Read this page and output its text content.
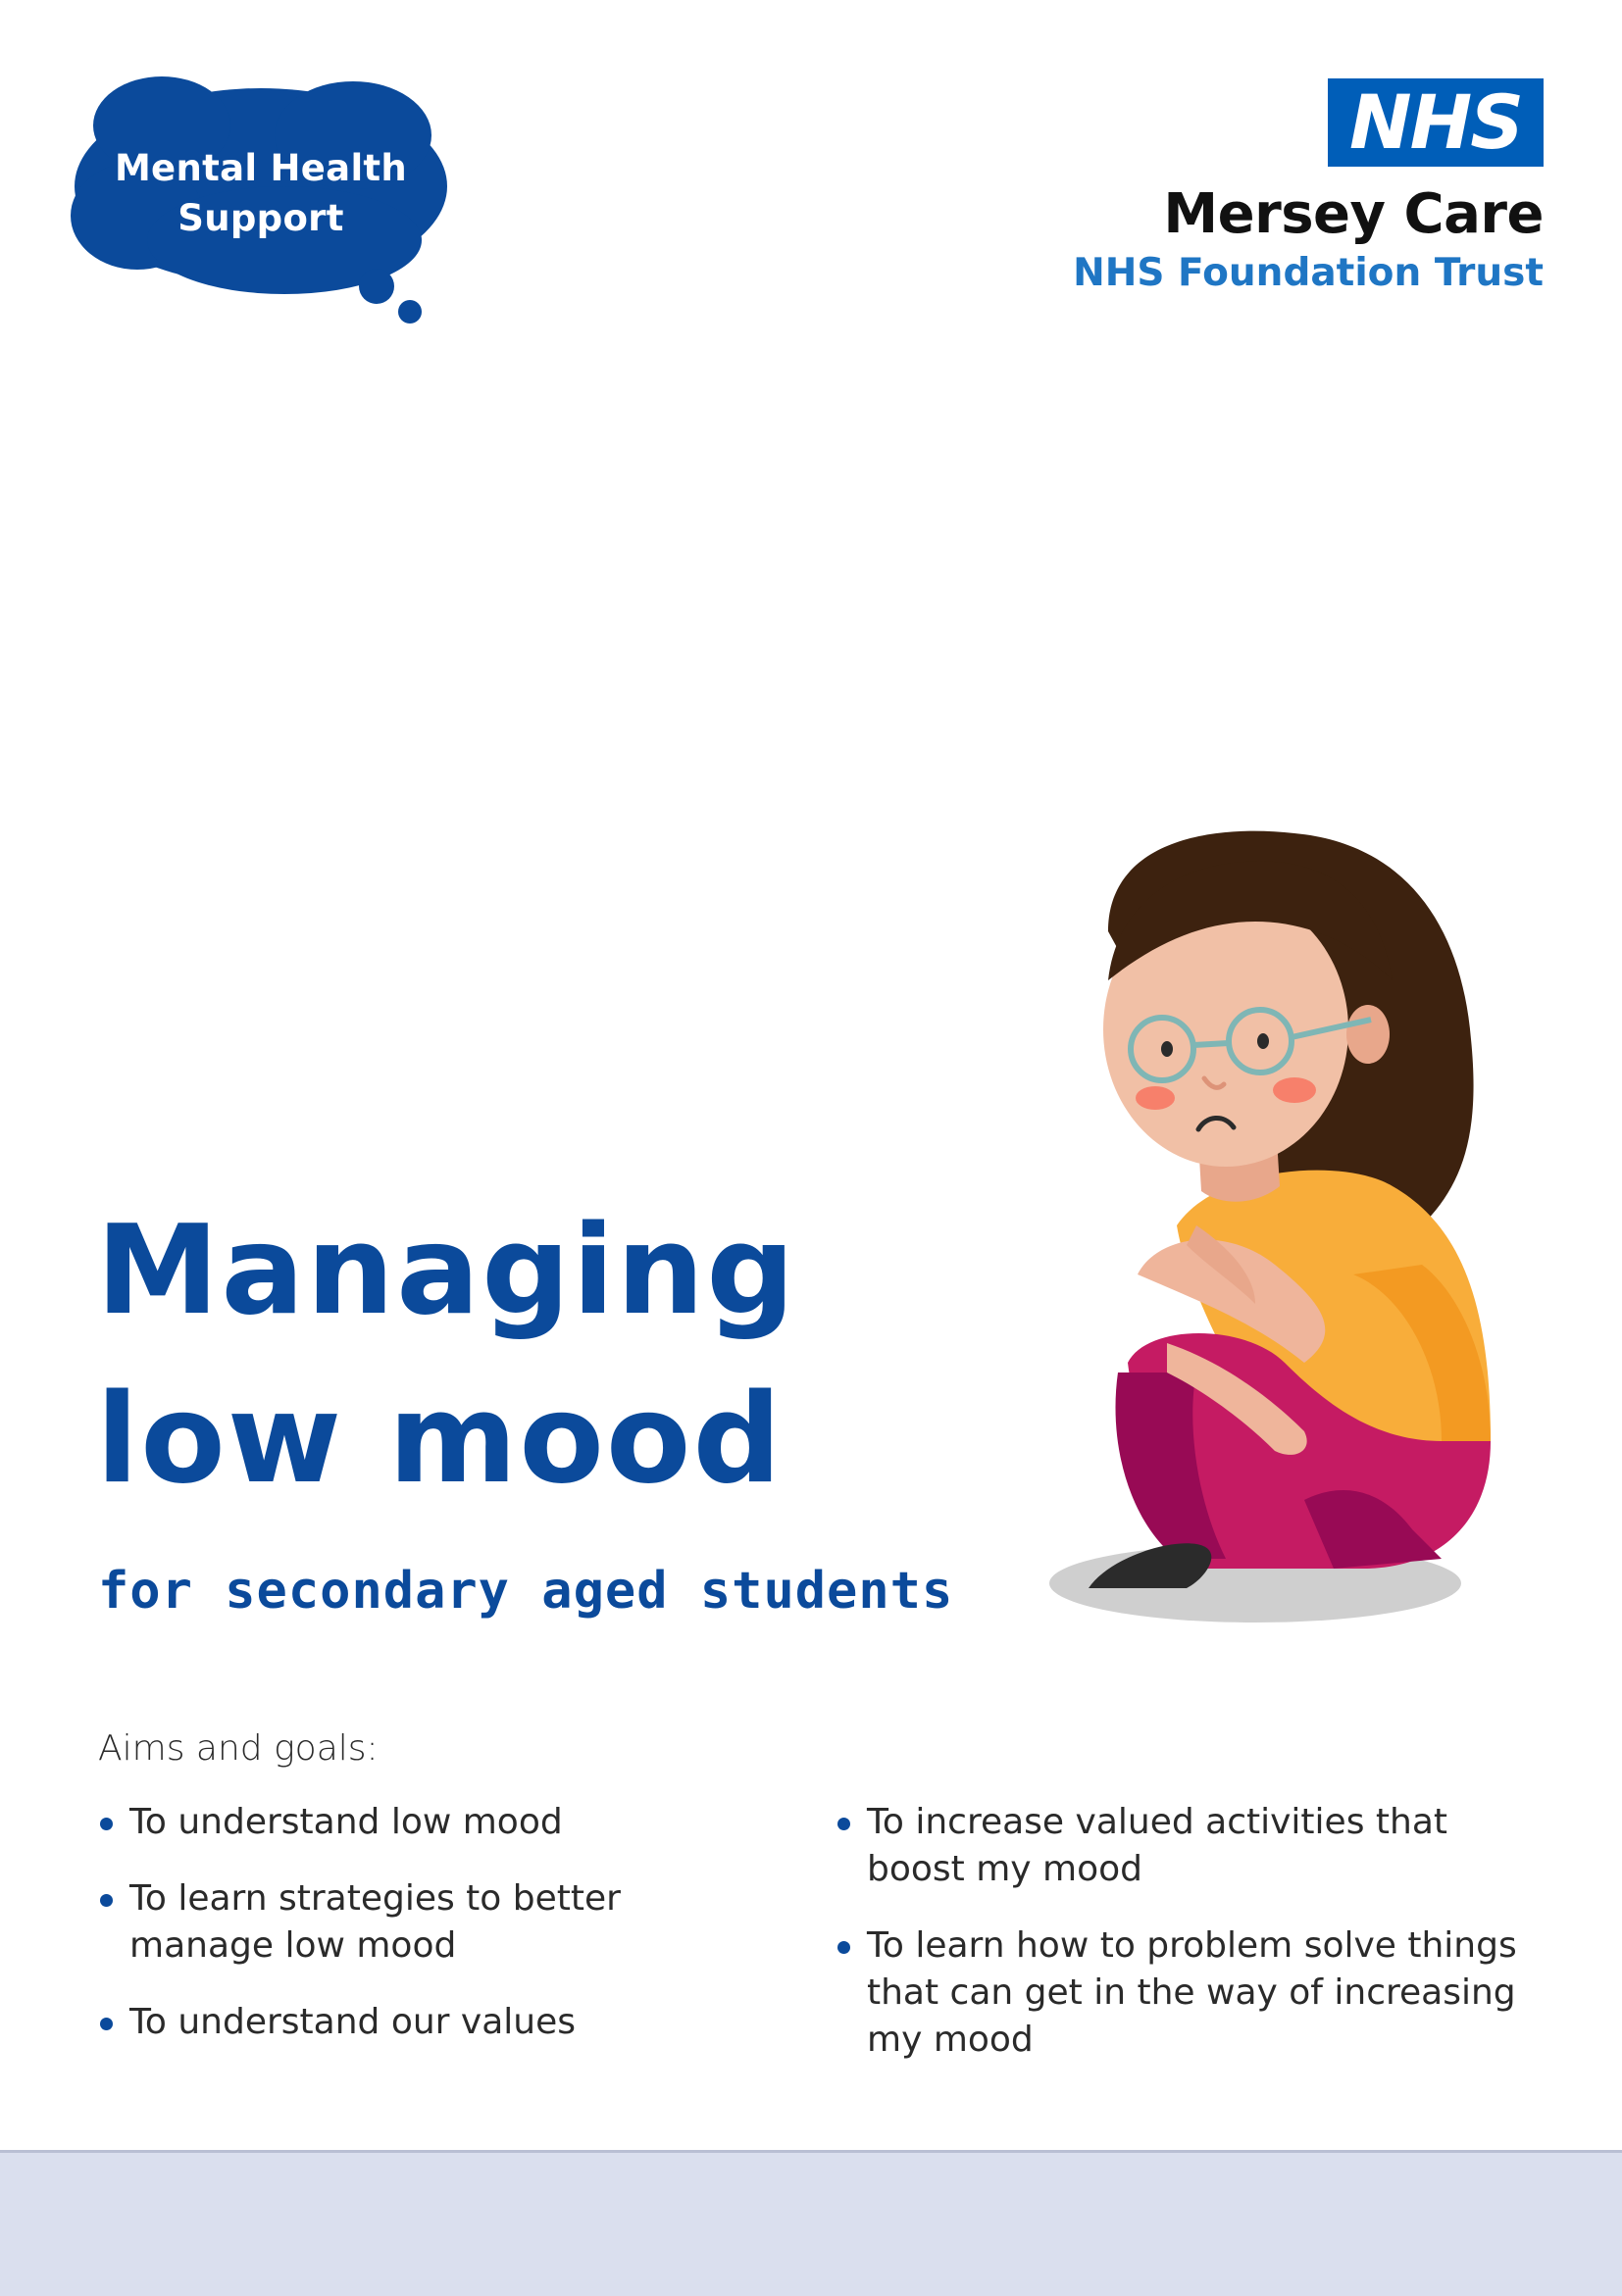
Mental Health
Support
NHS
Mersey Care
NHS Foundation Trust
Managing
low mood
for secondary aged students
Aims and goals:
To understand low mood
To learn strategies to better
manage low mood
To understand our values
To increase valued activities that
boost my mood
To learn how to problem solve things
that can get in the way of increasing
my mood
